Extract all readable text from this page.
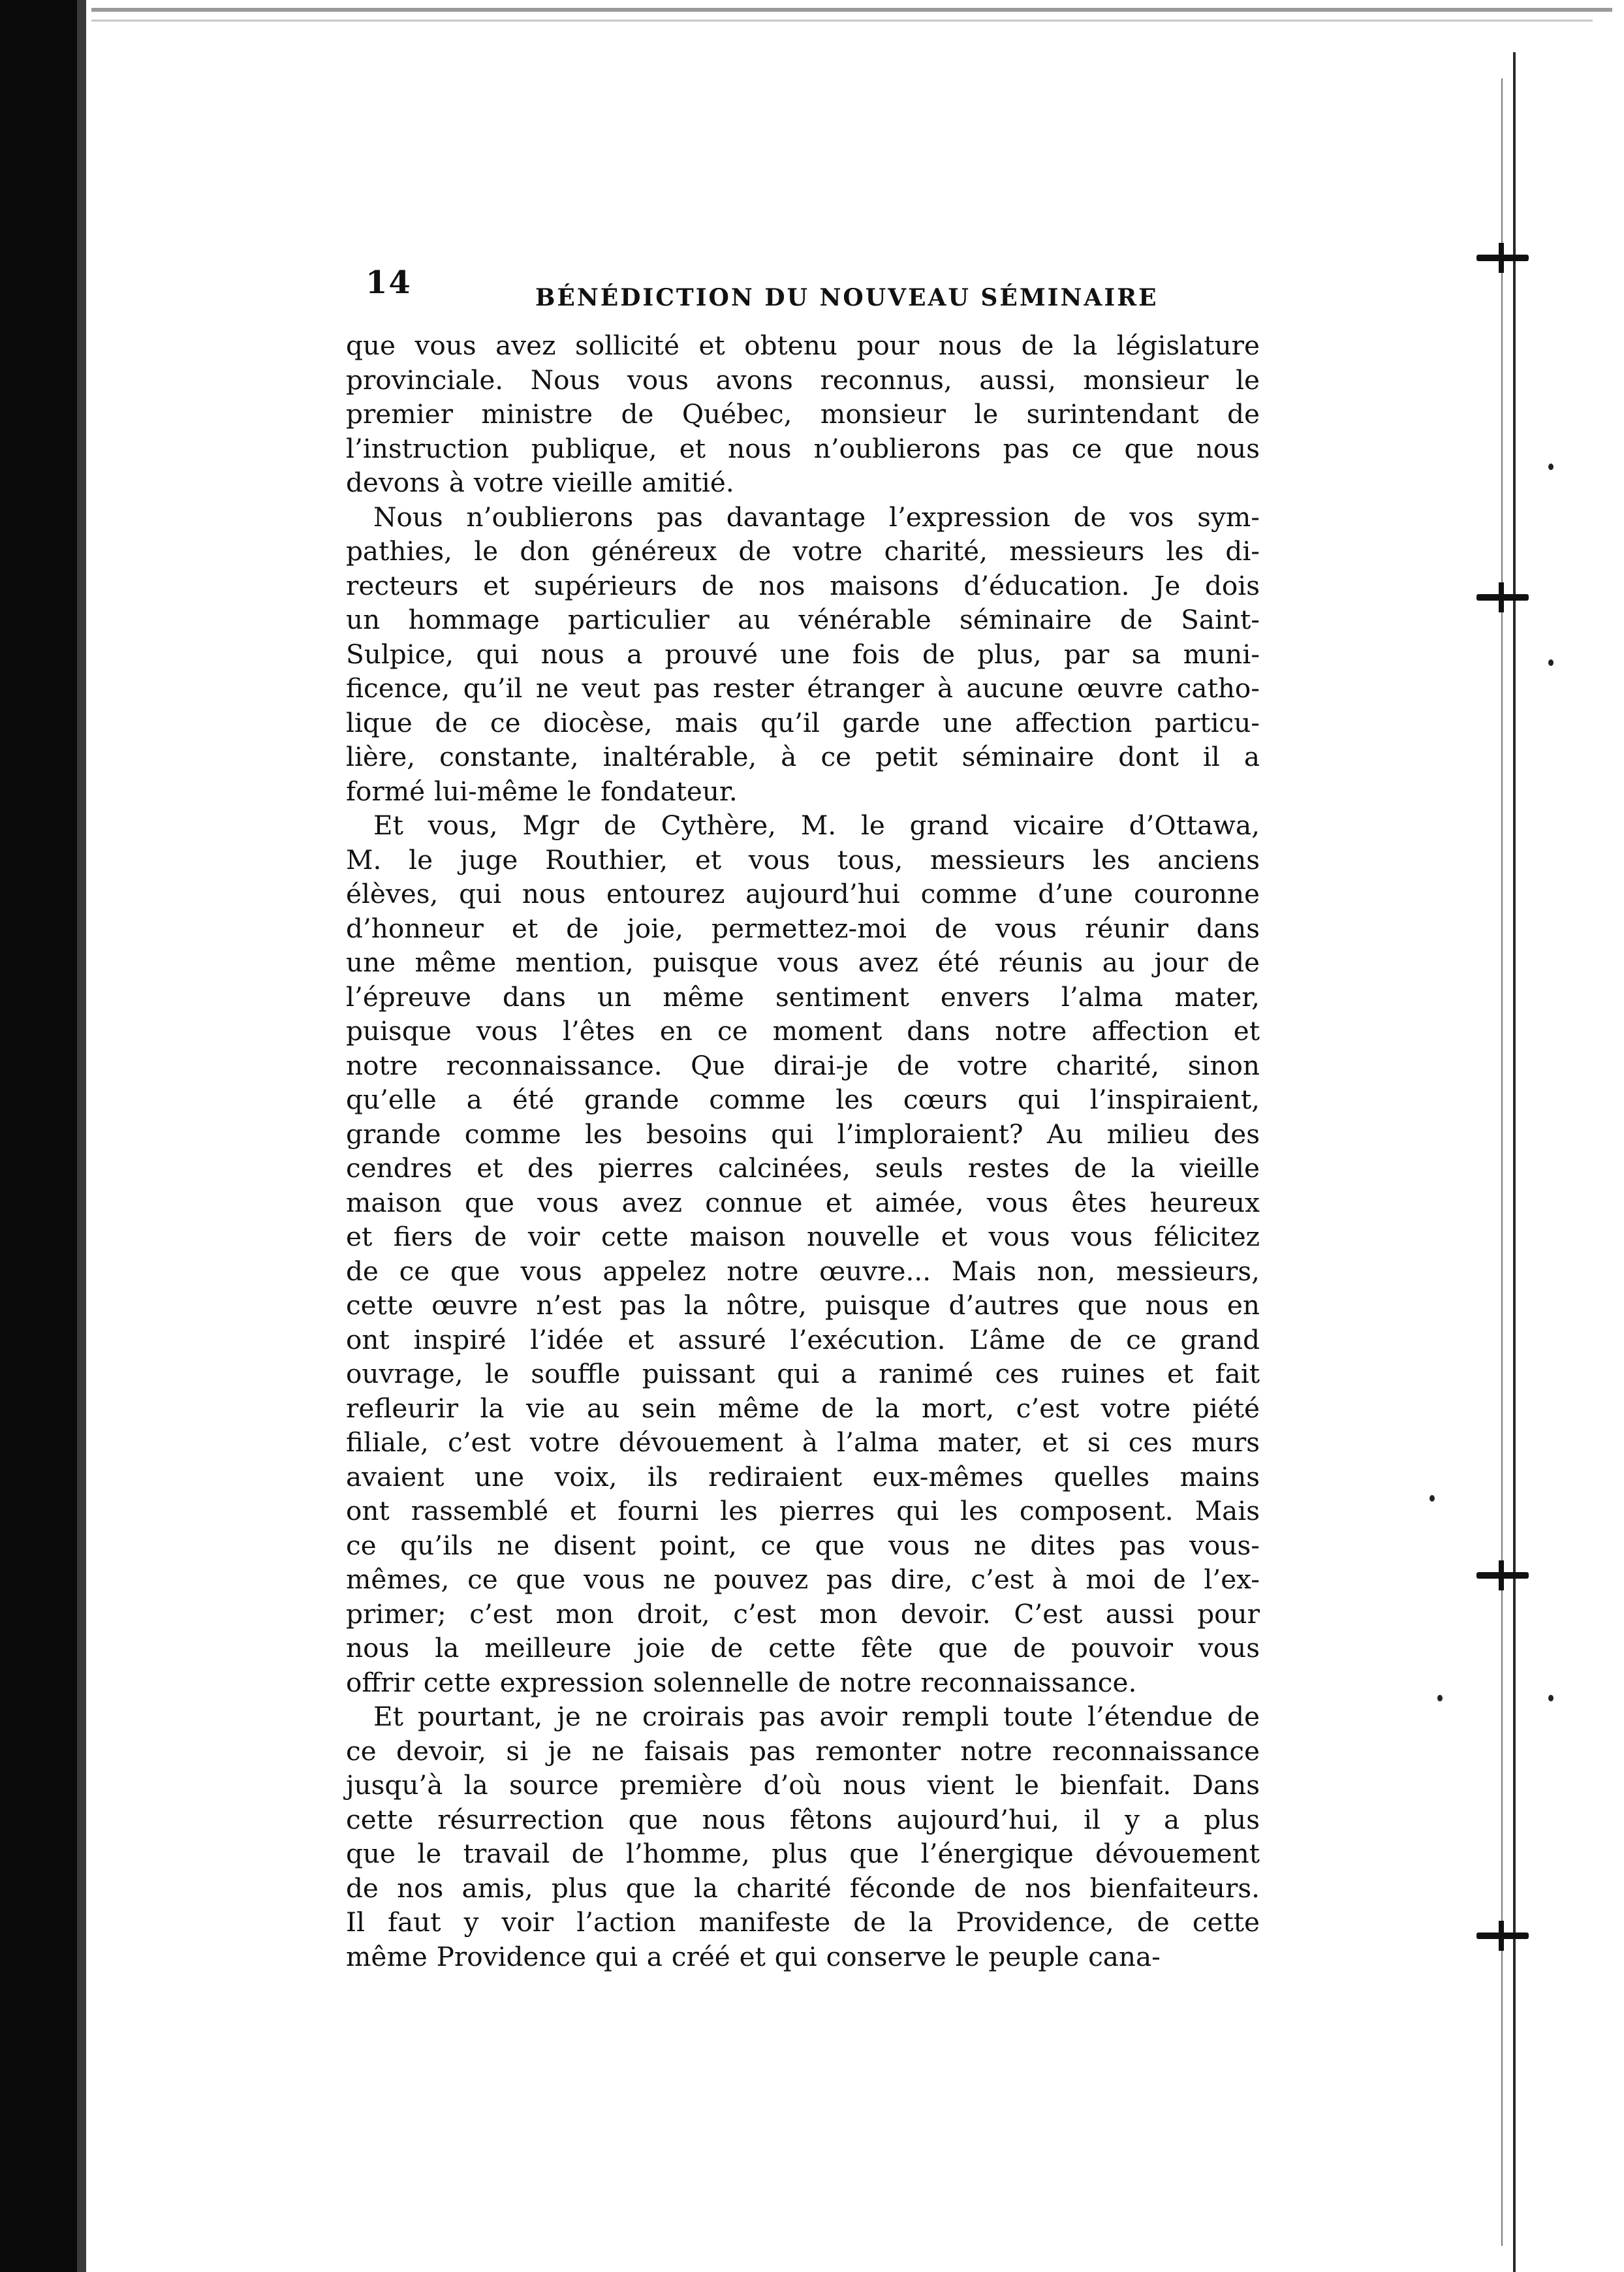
14	BÉNÉDICTION DU NOUVEAU SÉMINAIRE

que vous avez sollicité et obtenu pour nous de la législature
provinciale. Nous vous avons reconnus, aussi, monsieur le
premier ministre de Québec, monsieur le surintendant de
l’instruction publique, et nous n’oublierons pas ce que nous
devons à votre vieille amitié.

Nous n’oublierons pas davantage l’expression de vos sym-
pathies, le don généreux de votre charité, messieurs les di-
recteurs et supérieurs de nos maisons d’éducation. Je dois
un hommage particulier au vénérable séminaire de Saint-
Sulpice, qui nous a prouvé une fois de plus, par sa muni-
ficence, qu’il ne veut pas rester étranger à aucune œuvre catho-
lique de ce diocèse, mais qu’il garde une affection particu-
lière, constante, inaltérable, à ce petit séminaire dont il a
formé lui-même le fondateur.

Et vous, Mgr de Cythère, M. le grand vicaire d’Ottawa,
M. le juge Routhier, et vous tous, messieurs les anciens
élèves, qui nous entourez aujourd’hui comme d’une couronne
d’honneur et de joie, permettez-moi de vous réunir dans
une même mention, puisque vous avez été réunis au jour de
l’épreuve dans un même sentiment envers l’alma mater,
puisque vous l’êtes en ce moment dans notre affection et
notre reconnaissance. Que dirai-je de votre charité, sinon
qu’elle a été grande comme les cœurs qui l’inspiraient,
grande comme les besoins qui l’imploraient? Au milieu des
cendres et des pierres calcinées, seuls restes de la vieille
maison que vous avez connue et aimée, vous êtes heureux
et fiers de voir cette maison nouvelle et vous vous félicitez
de ce que vous appelez notre œuvre... Mais non, messieurs,
cette œuvre n’est pas la nôtre, puisque d’autres que nous en
ont inspiré l’idée et assuré l’exécution. L’âme de ce grand
ouvrage, le souffle puissant qui a ranimé ces ruines et fait
refleurir la vie au sein même de la mort, c’est votre piété
filiale, c’est votre dévouement à l’alma mater, et si ces murs
avaient une voix, ils rediraient eux-mêmes quelles mains
ont rassemblé et fourni les pierres qui les composent. Mais
ce qu’ils ne disent point, ce que vous ne dites pas vous-
mêmes, ce que vous ne pouvez pas dire, c’est à moi de l’ex-
primer; c’est mon droit, c’est mon devoir. C’est aussi pour
nous la meilleure joie de cette fête que de pouvoir vous
offrir cette expression solennelle de notre reconnaissance.

Et pourtant, je ne croirais pas avoir rempli toute l’étendue de
ce devoir, si je ne faisais pas remonter notre reconnaissance
jusqu’à la source première d’où nous vient le bienfait. Dans
cette résurrection que nous fêtons aujourd’hui, il y a plus
que le travail de l’homme, plus que l’énergique dévouement
de nos amis, plus que la charité féconde de nos bienfaiteurs.
Il faut y voir l’action manifeste de la Providence, de cette
même Providence qui a créé et qui conserve le peuple cana-
